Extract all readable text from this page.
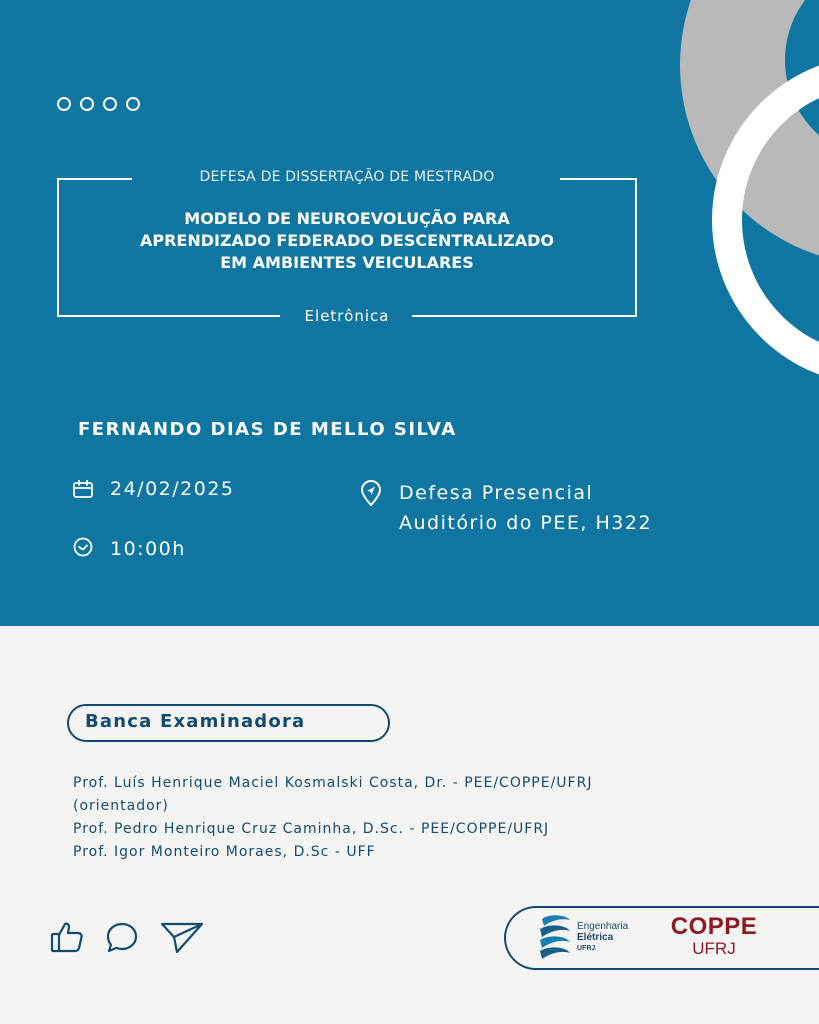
DEFESA DE DISSERTAÇÃO DE MESTRADO
MODELO DE NEUROEVOLUÇÃO PARA
APRENDIZADO FEDERADO DESCENTRALIZADO
EM AMBIENTES VEICULARES
Eletrônica
FERNANDO DIAS DE MELLO SILVA
24/02/2025
10:00h
Defesa Presencial
Auditório do PEE, H322
Banca Examinadora
Prof. Luís Henrique Maciel Kosmalski Costa, Dr. - PEE/COPPE/UFRJ
(orientador)
Prof. Pedro Henrique Cruz Caminha, D.Sc. - PEE/COPPE/UFRJ
Prof. Igor Monteiro Moraes, D.Sc - UFF
Engenharia
Elétrica
UFRJ
COPPE
UFRJ
